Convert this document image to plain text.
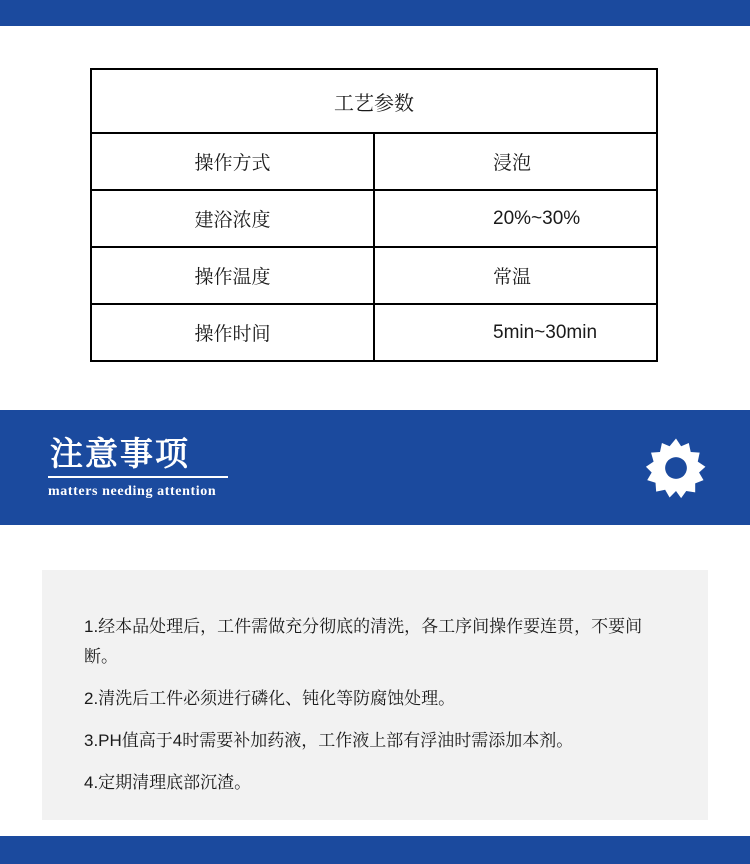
工艺参数	
操作方式	浸泡
建浴浓度	20%~30%
操作温度	常温
操作时间	5min~30min
注意事项
matters needing attention
1.经本品处理后，工件需做充分彻底的清洗，各工序间操作要连贯，不要间断。
2.清洗后工件必须进行磷化、钝化等防腐蚀处理。
3.PH值高于4时需要补加药液，工作液上部有浮油时需添加本剂。
4.定期清理底部沉渣。
